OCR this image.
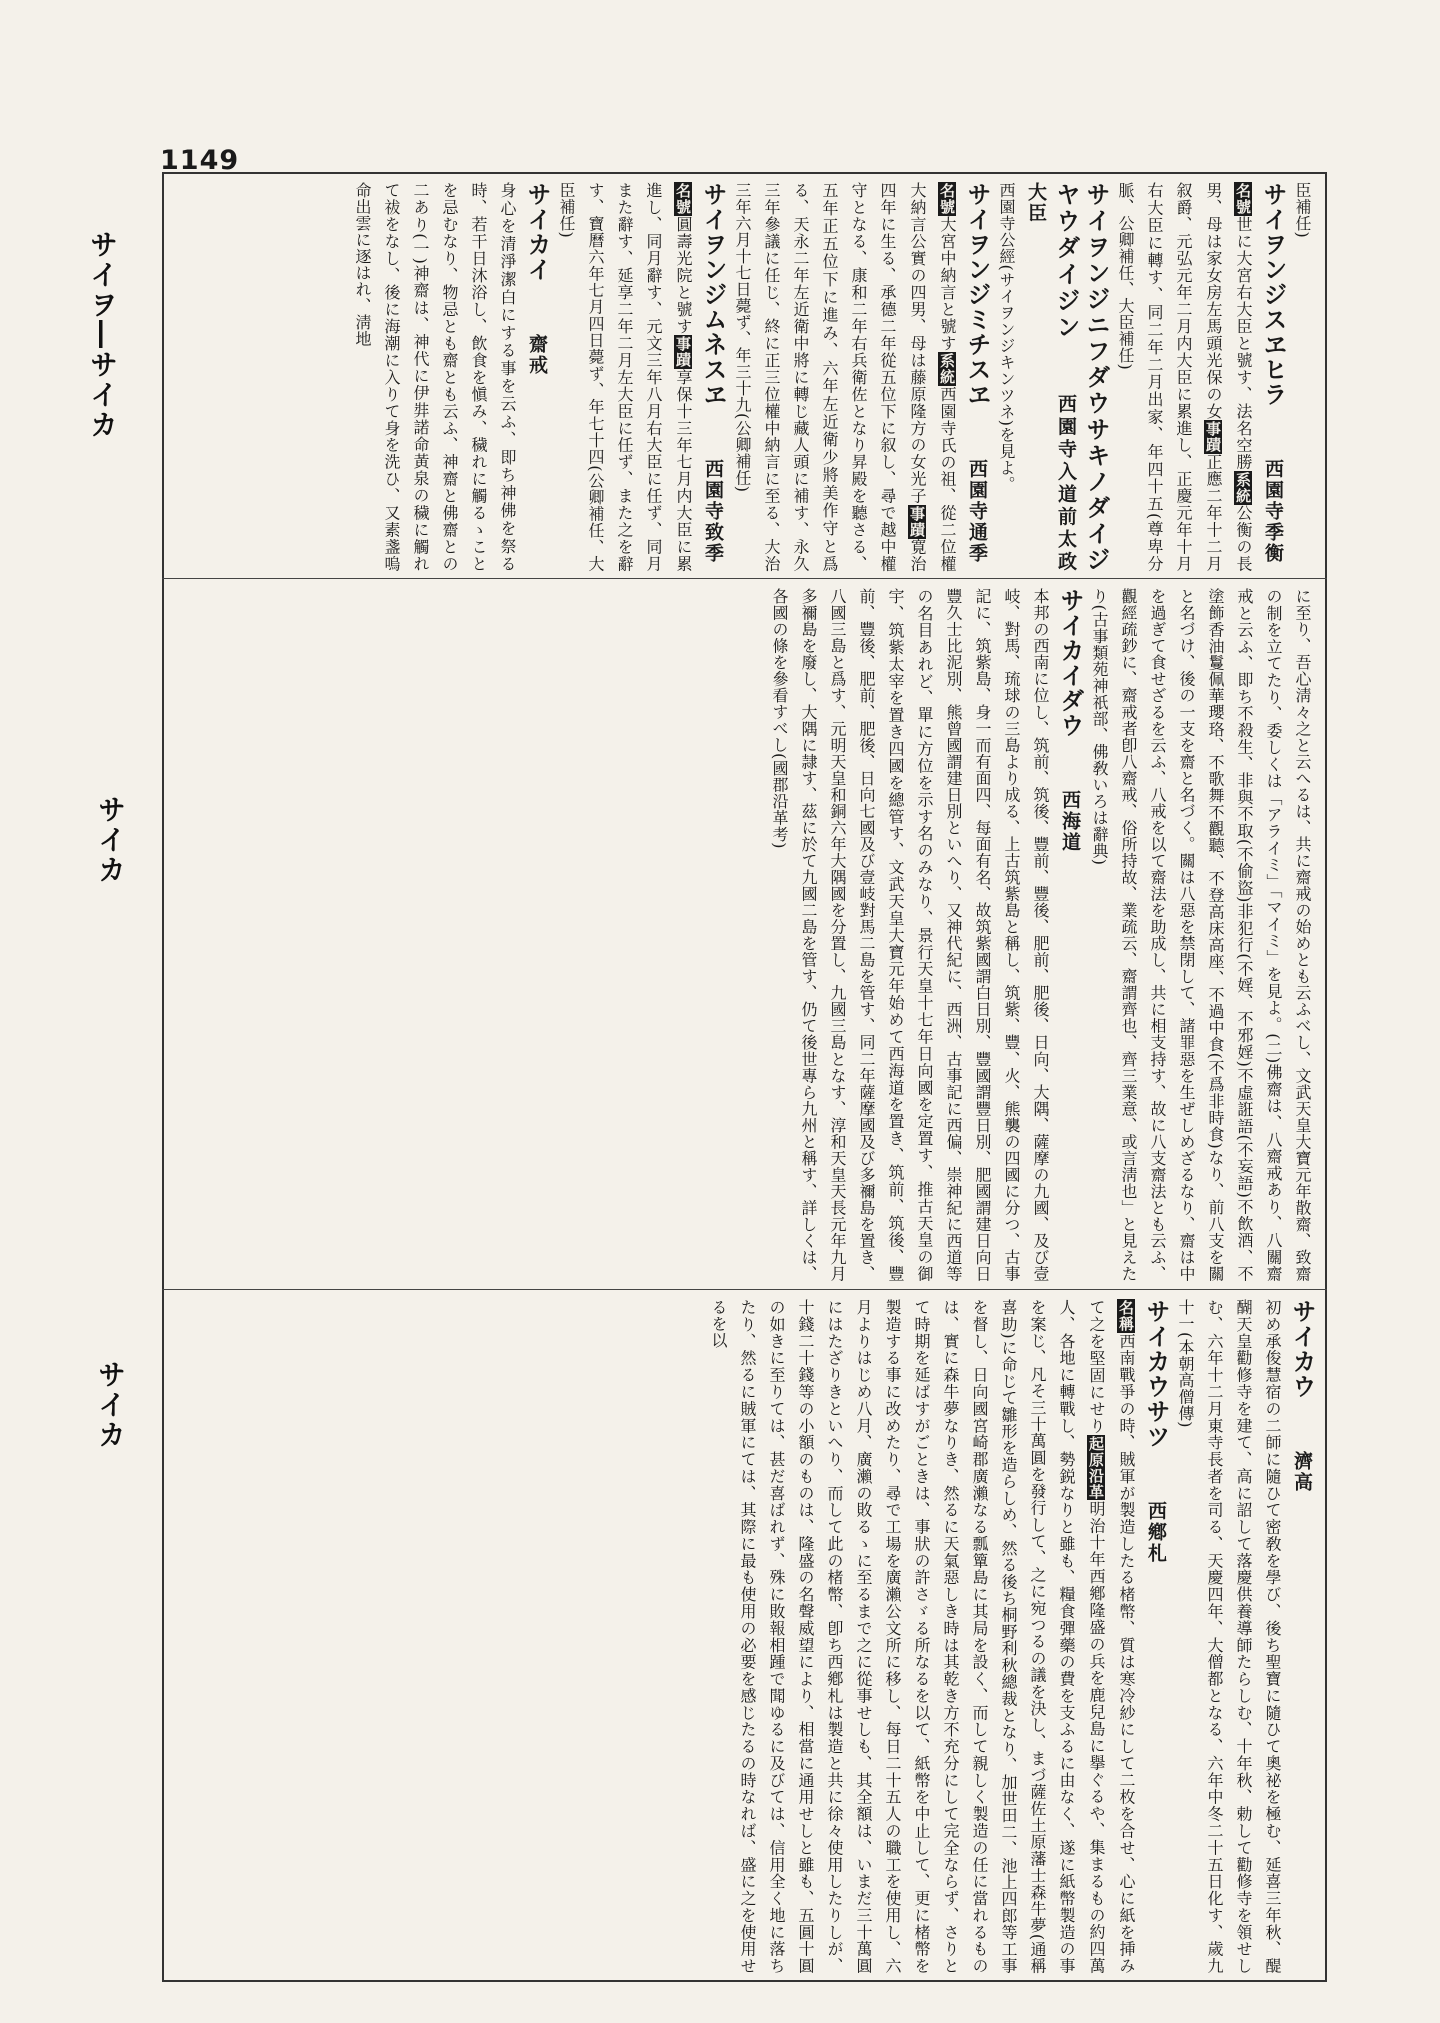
1149
サイヲ―サイカ
サイカ
サイカ
臣補任)
サイヲンジスヱヒラ 西園寺季衡
名號世に大宮右大臣と號す、法名空勝系統公衡の長男、母は家女房左馬頭光保の女事蹟正應二年十二月叙爵、元弘元年二月内大臣に累進し、正慶元年十月右大臣に轉す、同二年二月出家、年四十五(尊卑分脈、公卿補任、大臣補任)
サイヲンジニフダウサキノダイジヤウダイジン 西園寺入道前太政大臣
西園寺公經(サイヲンジキンツネ)を見よ。
サイヲンジミチスヱ 西園寺通季
名號大宮中納言と號す系統西園寺氏の祖、從二位權大納言公實の四男、母は藤原隆方の女光子事蹟寛治四年に生る、承德二年從五位下に叙し、尋で越中權守となる、康和二年右兵衛佐となり昇殿を聽さる、五年正五位下に進み、六年左近衛少將美作守と爲る、天永二年左近衛中將に轉じ藏人頭に補す、永久三年參議に任じ、終に正三位權中納言に至る、大治三年六月十七日薨ず、年三十九(公卿補任)
サイヲンジムネスヱ 西園寺致季
名號圓壽光院と號す事蹟享保十三年七月内大臣に累進し、同月辭す、元文三年八月右大臣に任ず、同月また辭す、延享二年二月左大臣に任ず、また之を辭す、寶曆六年七月四日薨ず、年七十四(公卿補任、大臣補任)
サイカイ 齋戒
身心を清淨潔白にする事を云ふ、即ち神佛を祭る時、若干日沐浴し、飲食を愼み、穢れに觸るゝことを忌むなり、物忌とも齋とも云ふ、神齋と佛齋との二あり(一)神齋は、神代に伊弉諾命黃泉の穢に觸れて祓をなし、後に海潮に入りて身を洗ひ、又素盞嗚命出雲に逐はれ、淸地
に至り、吾心淸々之と云へるは、共に齋戒の始めとも云ふべし、文武天皇大寶元年散齋、致齋の制を立てたり、委しくは「アライミ」「マイミ」を見よ。(二)佛齋は、八齋戒あり、八關齋戒と云ふ、即ち不殺生、非與不取(不偷盜)非犯行(不婬、不邪婬)不虛誑語(不妄語)不飲酒、不塗飾香油鬘佩華瓔珞、不歌舞不觀聽、不登高床高座、不過中食(不爲非時食)なり、前八支を關と名づけ、後の一支を齋と名づく。關は八惡を禁閉して、諸罪惡を生ぜしめざるなり、齋は中を過ぎて食せざるを云ふ、八戒を以て齋法を助成し、共に相支持す、故に八支齋法とも云ふ、觀經疏鈔に、齋戒者卽八齋戒、俗所持故、業疏云、齋謂齊也、齊三業意、或言淸也」と見えたり(古事類苑神祇部、佛敎いろは辭典)
サイカイダウ 西海道
本邦の西南に位し、筑前、筑後、豐前、豐後、肥前、肥後、日向、大隅、薩摩の九國、及び壹岐、對馬、琉球の三島より成る、上古筑紫島と稱し、筑紫、豐、火、熊襲の四國に分つ、古事記に、筑紫島、身一而有面四、每面有名、故筑紫國謂白日別、豐國謂豐日別、肥國謂建日向日豐久士比泥別、熊曾國謂建日別といへり、又神代紀に、西洲、古事記に西偏、崇神紀に西道等の名目あれど、單に方位を示す名のみなり、景行天皇十七年日向國を定置す、推古天皇の御宇、筑紫太宰を置き四國を總管す、文武天皇大寶元年始めて西海道を置き、筑前、筑後、豐前、豐後、肥前、肥後、日向七國及び壹岐對馬二島を管す、同二年薩摩國及び多禰島を置き、八國三島と爲す、元明天皇和銅六年大隅國を分置し、九國三島となす、淳和天皇天長元年九月多禰島を廢し、大隅に隷す、茲に於て九國二島を管す、仍て後世專ら九州と稱す、詳しくは、各國の條を參看すべし(國郡沿革考)
サイカウ 濟高
初め承俊慧宿の二師に隨ひて密敎を學び、後ち聖寶に隨ひて奧祕を極む、延喜三年秋、醍醐天皇勸修寺を建て、高に詔して落慶供養導師たらしむ、十年秋、勅して勸修寺を領せしむ、六年十二月東寺長者を司る、天慶四年、大僧都となる、六年中冬二十五日化す、歲九十一(本朝高僧傳)
サイカウサツ 西鄕札
名稱西南戰爭の時、賊軍が製造したる楮幣、質は寒冷紗にして二枚を合せ、心に紙を挿みて之を堅固にせり起原沿革明治十年西鄕隆盛の兵を鹿兒島に擧ぐるや、集まるもの約四萬人、各地に轉戰し、勢鋭なりと雖も、糧食彈藥の費を支ふるに由なく、遂に紙幣製造の事を案じ、凡そ三十萬圓を發行して、之に宛つるの議を決し、まづ薩佐土原藩士森牛夢(通稱喜助)に命じて雛形を造らしめ、然る後ち桐野利秋總裁となり、加世田二、池上四郎等工事を督し、日向國宮崎郡廣瀨なる瓢簞島に其局を設く、而して親しく製造の任に當れるものは、實に森牛夢なりき、然るに天氣惡しき時は其乾き方不充分にして完全ならず、さりとて時期を延ばすがごときは、事狀の許さゞる所なるを以て、紙幣を中止して、更に楮幣を製造する事に改めたり、尋で工場を廣瀨公文所に移し、每日二十五人の職工を使用し、六月よりはじめ八月、廣瀨の敗るゝに至るまで之に從事せしも、其全額は、いまだ三十萬圓にはたざりきといへり、而して此の楮幣、卽ち西鄕札は製造と共に徐々使用したりしが、十錢二十錢等の小額のものは、隆盛の名聲威望により、相當に通用せしと雖も、五圓十圓の如きに至りては、甚だ喜ばれず、殊に敗報相踵で聞ゆるに及びては、信用全く地に落ちたり、然るに賊軍にては、其際に最も使用の必要を感じたるの時なれば、盛に之を使用せるを以
